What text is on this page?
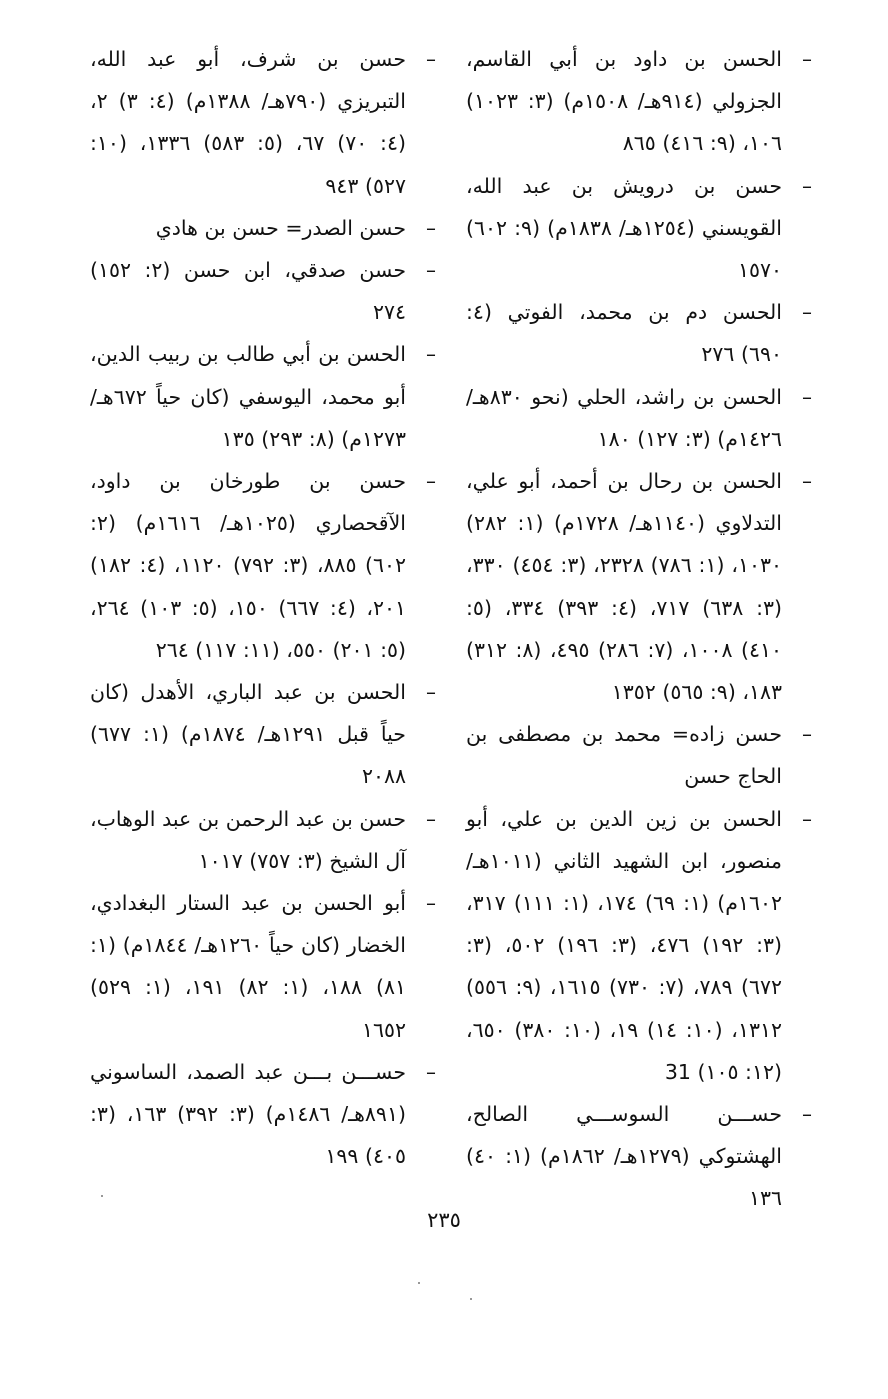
–
الحسن بن داود بن أبي القاسم، الجزولي (٩١٤هـ/ ١٥٠٨م) (٣: ١٠٢٣) ١٠٦، (٩: ٤١٦) ٨٦٥
–
حسن بن درويش بن عبد الله، القويسني (١٢٥٤هـ/ ١٨٣٨م) (٩: ٦٠٢) ١٥٧٠
–
الحسن دم بن محمد، الفوتي (٤: ٦٩٠) ٢٧٦
–
الحسن بن راشد، الحلي (نحو ٨٣٠هـ/ ١٤٢٦م) (٣: ١٢٧) ١٨٠
–
الحسن بن رحال بن أحمد، أبو علي، التدلاوي (١١٤٠هـ/ ١٧٢٨م) (١: ٢٨٢) ١٠٣٠، (١: ٧٨٦) ٢٣٢٨، (٣: ٤٥٤) ٣٣٠، (٣: ٦٣٨) ٧١٧، (٤: ٣٩٣) ٣٣٤، (٥: ٤١٠) ١٠٠٨، (٧: ٢٨٦) ٤٩٥، (٨: ٣١٢) ١٨٣، (٩: ٥٦٥) ١٣٥٢
–
حسن زاده= محمد بن مصطفى بن الحاج حسن
–
الحسن بن زين الدين بن علي، أبو منصور، ابن الشهيد الثاني (١٠١١هـ/ ١٦٠٢م) (١: ٦٩) ١٧٤، (١: ١١١) ٣١٧، (٣: ١٩٢) ٤٧٦، (٣: ١٩٦) ٥٠٢، (٣: ٦٧٢) ٧٨٩، (٧: ٧٣٠) ١٦١٥، (٩: ٥٥٦) ١٣١٢، (١٠: ١٤) ١٩، (١٠: ٣٨٠) ٦٥٠، (١٢: ١٠٥) 31
–
حســـن السوســـي الصالح، الهشتوكي (١٢٧٩هـ/ ١٨٦٢م) (١: ٤٠) ١٣٦
–
حسن بن شرف، أبو عبد الله، التبريزي (٧٩٠هـ/ ١٣٨٨م) (٤: ٣) ٢، (٤: ٧٠) ٦٧، (٥: ٥٨٣) ١٣٣٦، (١٠: ٥٢٧) ٩٤٣
–
حسن الصدر= حسن بن هادي
–
حسن صدقي، ابن حسن (٢: ١٥٢) ٢٧٤
–
الحسن بن أبي طالب بن ربيب الدين، أبو محمد، اليوسفي (كان حياً ٦٧٢هـ/ ١٢٧٣م) (٨: ٢٩٣) ١٣٥
–
حسن بن طورخان بن داود، الآقحصاري (١٠٢٥هـ/ ١٦١٦م) (٢: ٦٠٢) ٨٨٥، (٣: ٧٩٢) ١١٢٠، (٤: ١٨٢) ٢٠١، (٤: ٦٦٧) ١٥٠، (٥: ١٠٣) ٢٦٤، (٥: ٢٠١) ٥٥٠، (١١: ١١٧) ٢٦٤
–
الحسن بن عبد الباري، الأهدل (كان حياً قبل ١٢٩١هـ/ ١٨٧٤م) (١: ٦٧٧) ٢٠٨٨
–
حسن بن عبد الرحمن بن عبد الوهاب، آل الشيخ (٣: ٧٥٧) ١٠١٧
–
أبو الحسن بن عبد الستار البغدادي، الخضار (كان حياً ١٢٦٠هـ/ ١٨٤٤م) (١: ٨١) ١٨٨، (١: ٨٢) ١٩١، (١: ٥٢٩) ١٦٥٢
–
حســـن بـــن عبد الصمد، الساسوني (٨٩١هـ/ ١٤٨٦م) (٣: ٣٩٢) ١٦٣، (٣: ٤٠٥) ١٩٩
٢٣٥
